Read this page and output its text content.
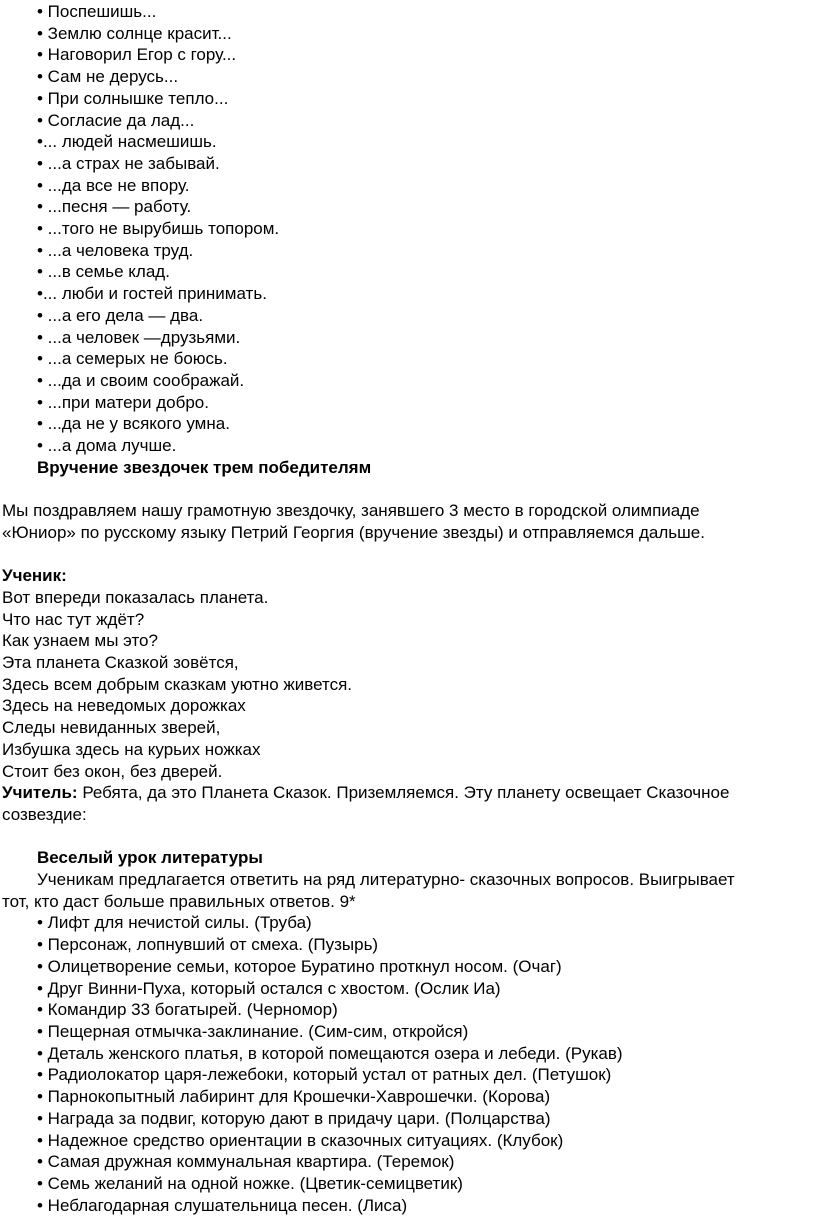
• Поспешишь...
• Землю солнце красит...
• Наговорил Егор с гору...
• Сам не дерусь...
• При солнышке тепло...
• Согласие да лад...
•... людей насмешишь.
• ...а страх не забывай.
• ...да все не впору.
• ...песня — работу.
• ...того не вырубишь топором.
• ...а человека труд.
• ...в семье клад.
•... люби и гостей принимать.
• ...а его дела — два.
• ...а человек —друзьями.
• ...а семерых не боюсь.
• ...да и своим соображай.
• ...при матери добро.
• ...да не у всякого умна.
• ...а дома лучше.
Вручение звездочек трем победителям
Мы поздравляем нашу грамотную звездочку, занявшего 3 место в городской олимпиаде
«Юниор» по русскому языку Петрий Георгия (вручение звезды) и отправляемся дальше.
Ученик:
Вот впереди показалась планета.
Что нас тут ждёт?
Как узнаем мы это?
Эта планета Сказкой зовётся,
Здесь всем добрым сказкам уютно живется.
Здесь на неведомых дорожках
Следы невиданных зверей,
Избушка здесь на курьих ножках
Стоит без окон, без дверей.
Учитель: Ребята, да это Планета Сказок. Приземляемся. Эту планету освещает Сказочное
созвездие:
Веселый урок литературы
Ученикам предлагается ответить на ряд литературно- сказочных вопросов. Выигрывает
тот, кто даст больше правильных ответов. 9*
• Лифт для нечистой силы. (Труба)
• Персонаж, лопнувший от смеха. (Пузырь)
• Олицетворение семьи, которое Буратино проткнул носом. (Очаг)
• Друг Винни-Пуха, который остался с хвостом. (Ослик Иа)
• Командир 33 богатырей. (Черномор)
• Пещерная отмычка-заклинание. (Сим-сим, откройся)
• Деталь женского платья, в которой помещаются озера и лебеди. (Рукав)
• Радиолокатор царя-лежебоки, который устал от ратных дел. (Петушок)
• Парнокопытный лабиринт для Крошечки-Хаврошечки. (Корова)
• Награда за подвиг, которую дают в придачу цари. (Полцарства)
• Надежное средство ориентации в сказочных ситуациях. (Клубок)
• Самая дружная коммунальная квартира. (Теремок)
• Семь желаний на одной ножке. (Цветик-семицветик)
• Неблагодарная слушательница песен. (Лиса)
